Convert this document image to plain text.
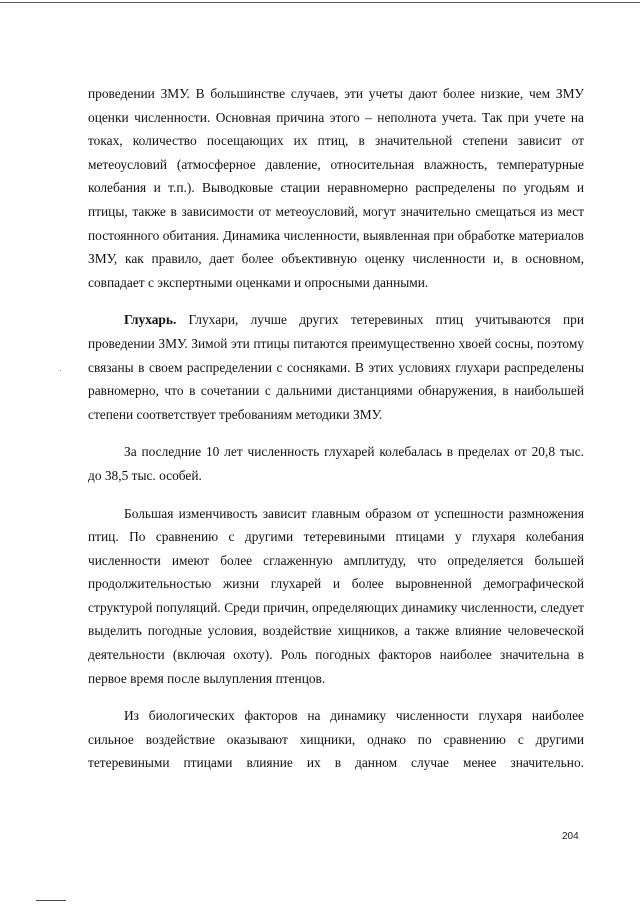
проведении ЗМУ. В большинстве случаев, эти учеты дают более низкие, чем ЗМУ оценки численности. Основная причина этого – неполнота учета. Так при учете на токах, количество посещающих их птиц, в значительной степени зависит от метеоусловий (атмосферное давление, относительная влажность, температурные колебания и т.п.). Выводковые стации неравномерно распределены по угодьям и птицы, также в зависимости от метеоусловий, могут значительно смещаться из мест постоянного обитания. Динамика численности, выявленная при обработке материалов ЗМУ, как правило, дает более объективную оценку численности и, в основном, совпадает с экспертными оценками и опросными данными.

Глухарь. Глухари, лучше других тетеревиных птиц учитываются при проведении ЗМУ. Зимой эти птицы питаются преимущественно хвоей сосны, поэтому связаны в своем распределении с сосняками. В этих условиях глухари распределены равномерно, что в сочетании с дальними дистанциями обнаружения, в наибольшей степени соответствует требованиям методики ЗМУ.

За последние 10 лет численность глухарей колебалась в пределах от 20,8 тыс. до 38,5 тыс. особей.

Большая изменчивость зависит главным образом от успешности размножения птиц. По сравнению с другими тетеревиными птицами у глухаря колебания численности имеют более сглаженную амплитуду, что определяется большей продолжительностью жизни глухарей и более выровненной демографической структурой популяций. Среди причин, определяющих динамику численности, следует выделить погодные условия, воздействие хищников, а также влияние человеческой деятельности (включая охоту). Роль погодных факторов наиболее значительна в первое время после вылупления птенцов.

Из биологических факторов на динамику численности глухаря наиболее сильное воздействие оказывают хищники, однако по сравнению с другими тетеревиными птицами влияние их в данном случае менее значительно.

204
